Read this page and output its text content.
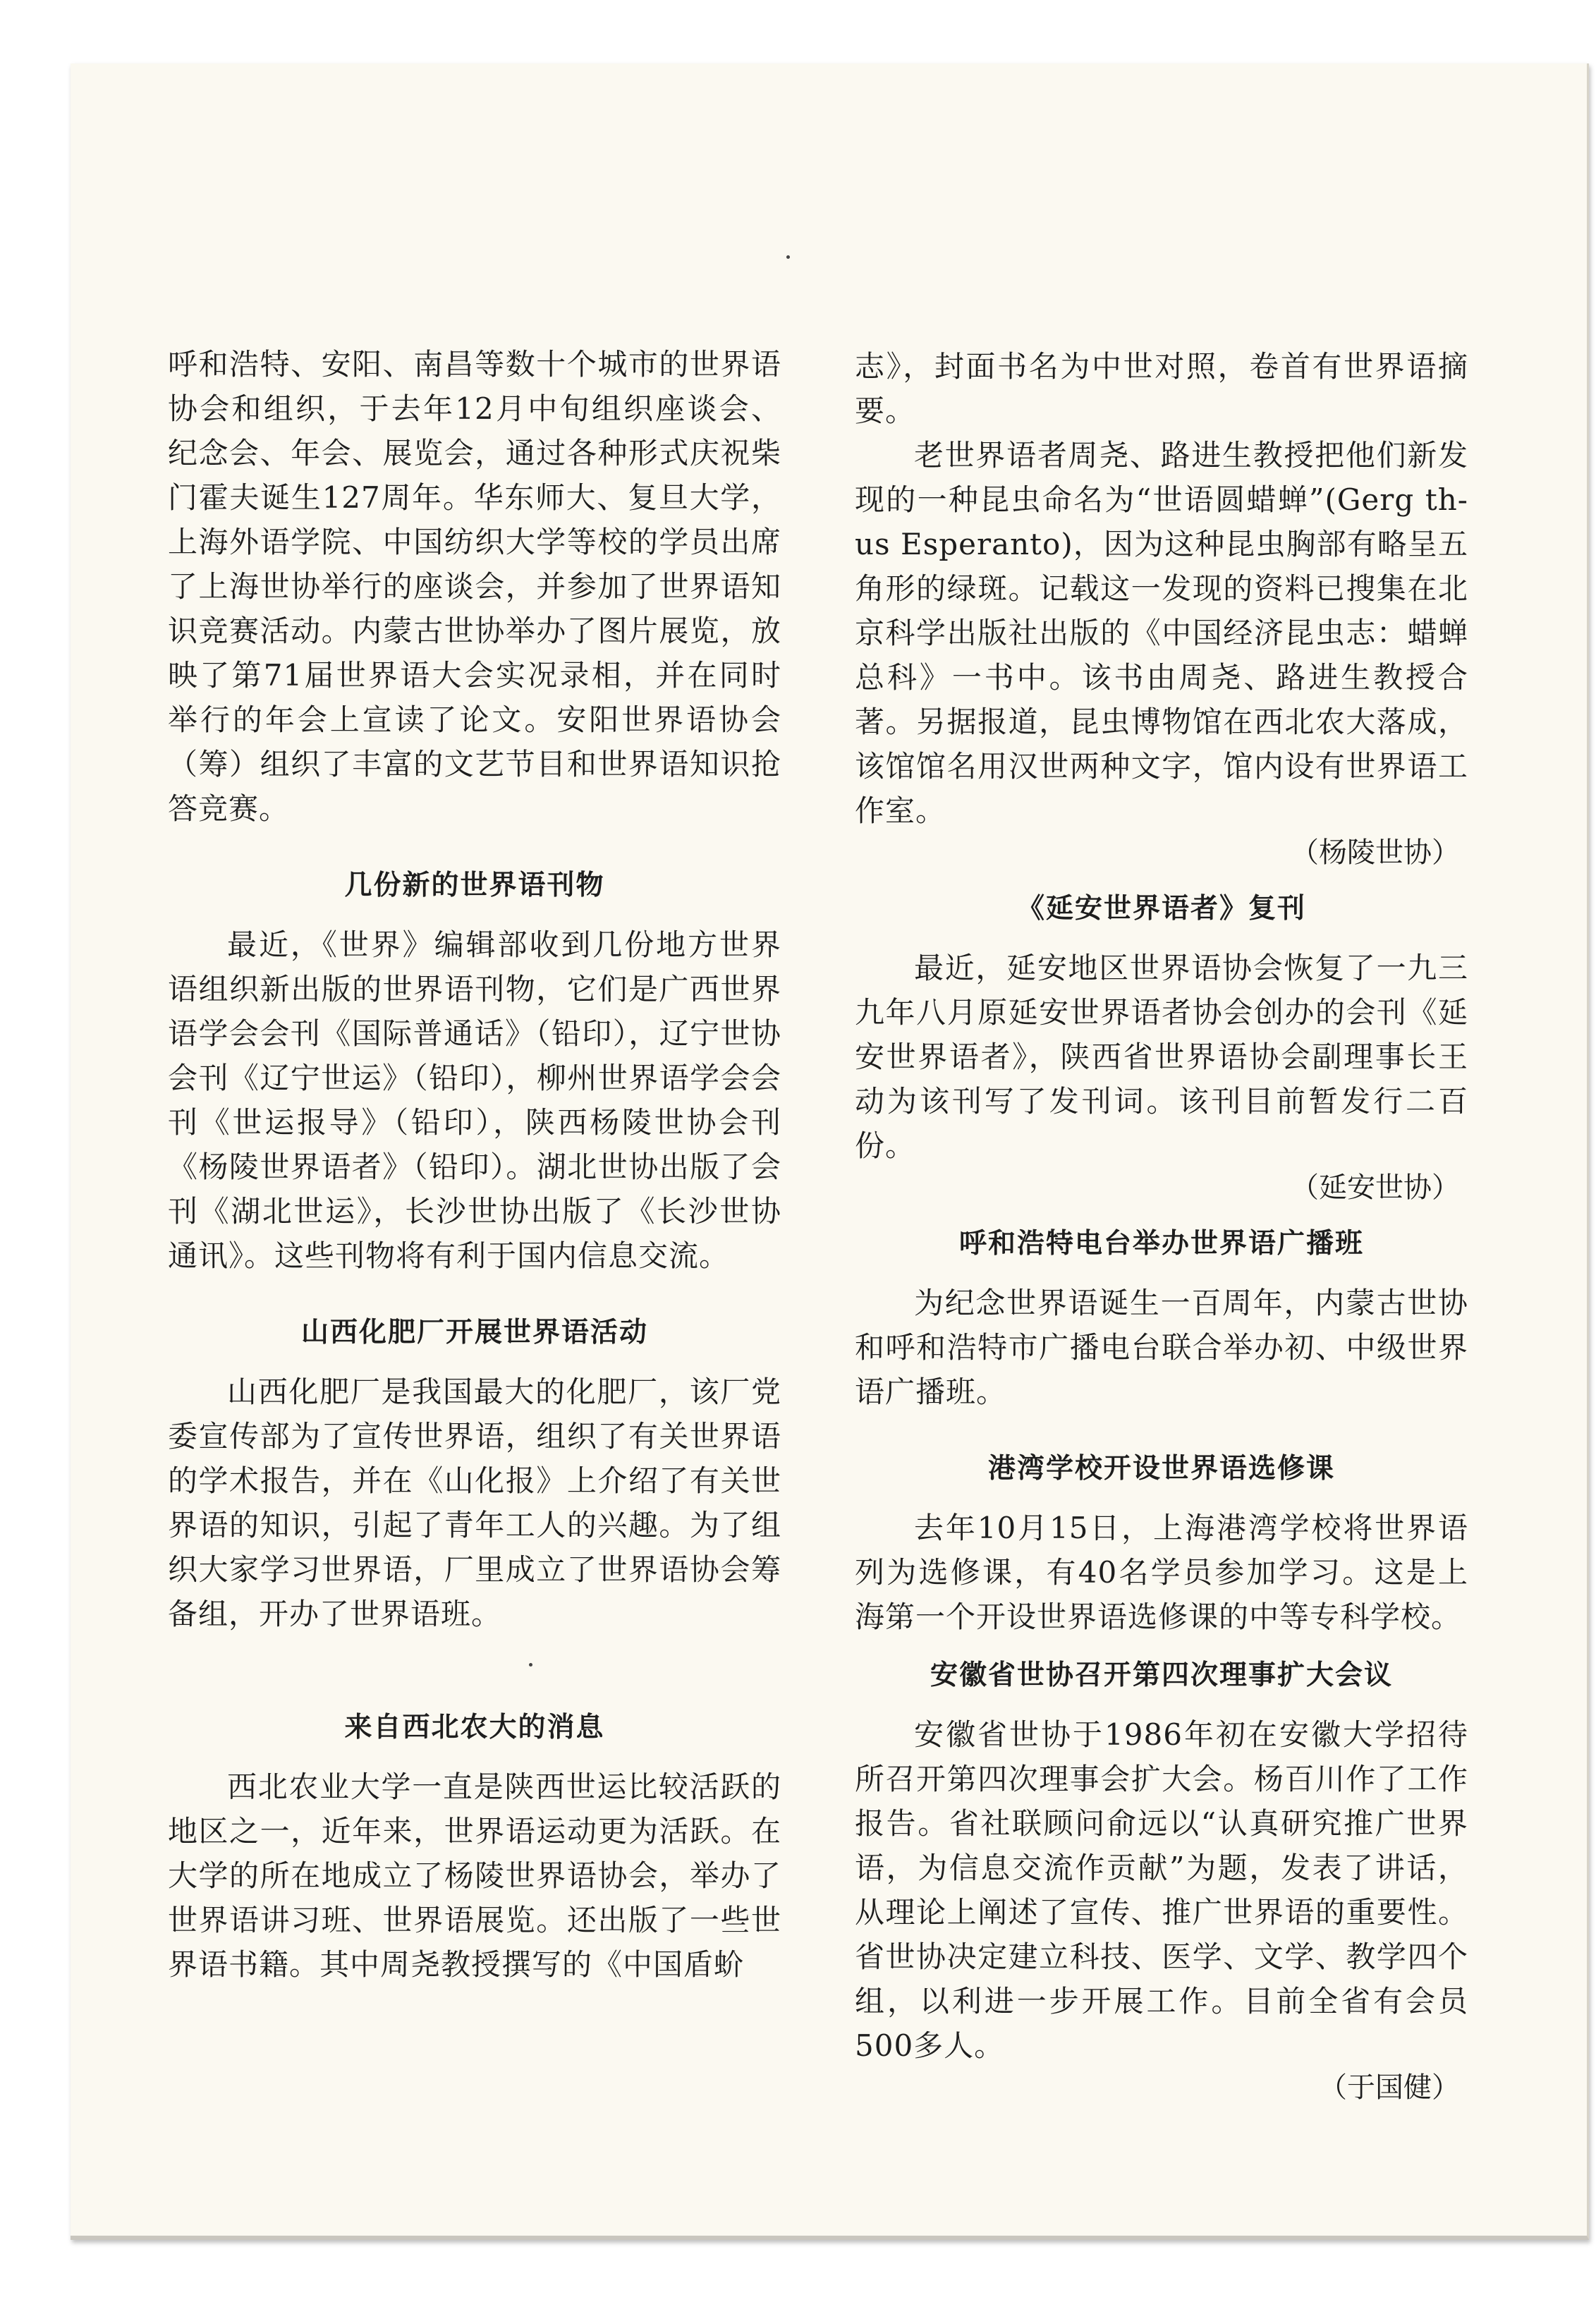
呼和浩特、安阳、南昌等数十个城市的世界语协会和组织，于去年12月中旬组织座谈会、纪念会、年会、展览会，通过各种形式庆祝柴门霍夫诞生127周年。华东师大、复旦大学，上海外语学院、中国纺织大学等校的学员出席了上海世协举行的座谈会，并参加了世界语知识竞赛活动。内蒙古世协举办了图片展览，放映了第71届世界语大会实况录相，并在同时举行的年会上宣读了论文。安阳世界语协会（筹）组织了丰富的文艺节目和世界语知识抢答竞赛。

几份新的世界语刊物

最近，《世界》编辑部收到几份地方世界语组织新出版的世界语刊物，它们是广西世界语学会会刊《国际普通话》（铅印），辽宁世协会刊《辽宁世运》（铅印），柳州世界语学会会刊《世运报导》（铅印），陕西杨陵世协会刊《杨陵世界语者》（铅印）。湖北世协出版了会刊《湖北世运》，长沙世协出版了《长沙世协通讯》。这些刊物将有利于国内信息交流。

山西化肥厂开展世界语活动

山西化肥厂是我国最大的化肥厂，该厂党委宣传部为了宣传世界语，组织了有关世界语的学术报告，并在《山化报》上介绍了有关世界语的知识，引起了青年工人的兴趣。为了组织大家学习世界语，厂里成立了世界语协会筹备组，开办了世界语班。

来自西北农大的消息

西北农业大学一直是陕西世运比较活跃的地区之一，近年来，世界语运动更为活跃。在大学的所在地成立了杨陵世界语协会，举办了世界语讲习班、世界语展览。还出版了一些世界语书籍。其中周尧教授撰写的《中国盾蚧

志》，封面书名为中世对照，卷首有世界语摘要。

老世界语者周尧、路进生教授把他们新发现的一种昆虫命名为“世语圆蜡蝉”(Gerg th-us Esperanto)，因为这种昆虫胸部有略呈五角形的绿斑。记载这一发现的资料已搜集在北京科学出版社出版的《中国经济昆虫志：蜡蝉总科》一书中。该书由周尧、路进生教授合著。另据报道，昆虫博物馆在西北农大落成，该馆馆名用汉世两种文字，馆内设有世界语工作室。

（杨陵世协）

《延安世界语者》复刊

最近，延安地区世界语协会恢复了一九三九年八月原延安世界语者协会创办的会刊《延安世界语者》，陕西省世界语协会副理事长王动为该刊写了发刊词。该刊目前暂发行二百份。

（延安世协）

呼和浩特电台举办世界语广播班

为纪念世界语诞生一百周年，内蒙古世协和呼和浩特市广播电台联合举办初、中级世界语广播班。

港湾学校开设世界语选修课

去年10月15日，上海港湾学校将世界语列为选修课，有40名学员参加学习。这是上海第一个开设世界语选修课的中等专科学校。

安徽省世协召开第四次理事扩大会议

安徽省世协于1986年初在安徽大学招待所召开第四次理事会扩大会。杨百川作了工作报告。省社联顾问俞远以“认真研究推广世界语，为信息交流作贡献”为题，发表了讲话，从理论上阐述了宣传、推广世界语的重要性。省世协决定建立科技、医学、文学、教学四个组，以利进一步开展工作。目前全省有会员500多人。

（于国健）
